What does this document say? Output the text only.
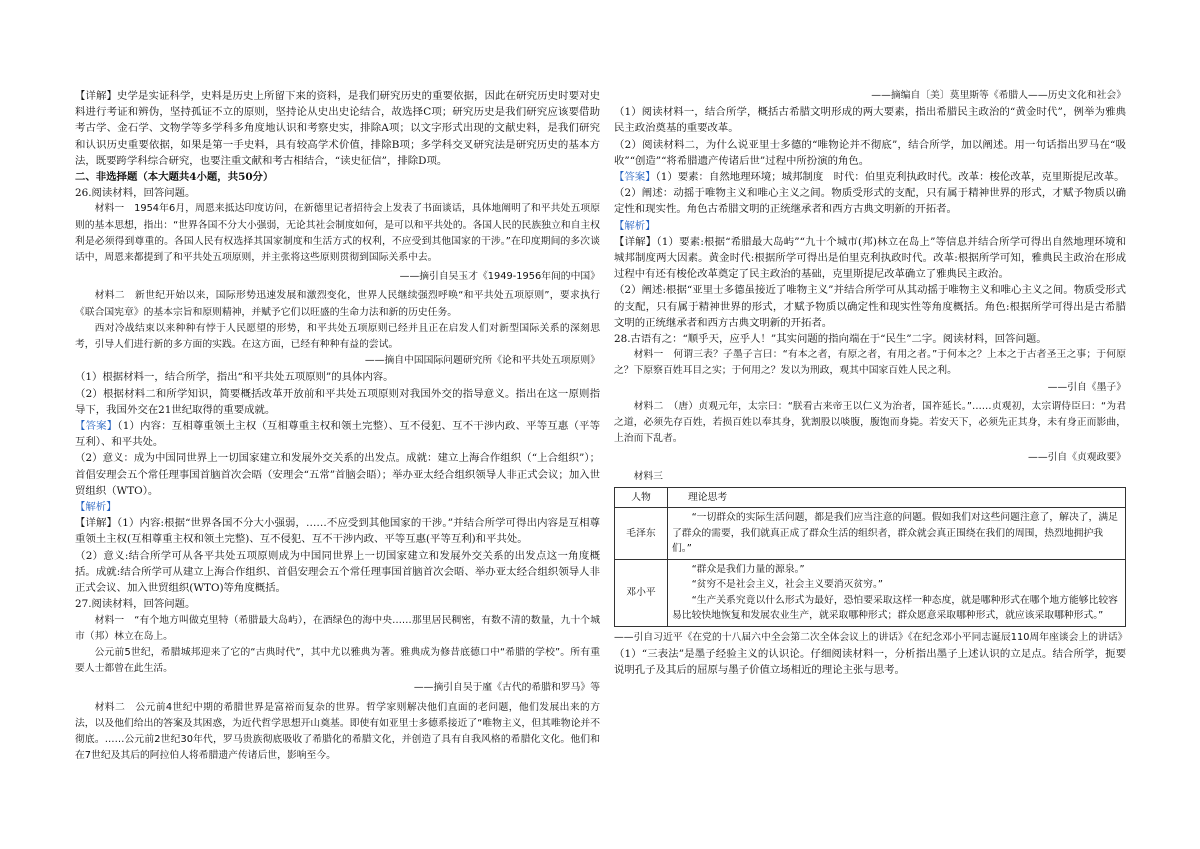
【详解】史学是实证科学，史料是历史上所留下来的资料，是我们研究历史的重要依据，因此在研究历史时要对史料进行考证和辨伪，坚持孤证不立的原则，坚持论从史出史论结合，故选择C项；研究历史是我们研究应该要借助考古学、金石学、文物学等多学科多角度地认识和考察史实，排除A项；以文字形式出现的文献史料，是我们研究和认识历史重要依据，如果是第一手史料，具有较高学术价值，排除B项；多学科交叉研究法是研究历史的基本方法，既要跨学科综合研究，也要注重文献和考古相结合，“读史征信”，排除D项。

二、非选择题（本大题共4小题，共50分）

26.阅读材料，回答问题。

材料一　1954年6月，周恩来抵达印度访问，在新德里记者招待会上发表了书面谈话，具体地阐明了和平共处五项原则的基本思想，指出：“世界各国不分大小强弱，无论其社会制度如何，是可以和平共处的。各国人民的民族独立和自主权利是必须得到尊重的。各国人民有权选择其国家制度和生活方式的权利，不应受到其他国家的干涉。”在印度期间的多次谈话中，周恩来都提到了和平共处五项原则，并主张将这些原则贯彻到国际关系中去。

——摘引自吴玉才《1949-1956年间的中国》

材料二　新世纪开始以来，国际形势迅速发展和激烈变化，世界人民继续强烈呼唤“和平共处五项原则”，要求执行《联合国宪章》的基本宗旨和原则精神，并赋予它们以旺盛的生命力法和新的历史任务。

西对冷战结束以来种种有悖于人民愿望的形势，和平共处五项原则已经并且正在启发人们对新型国际关系的深刻思考，引导人们进行新的多方面的实践。在这方面，已经有种种有益的尝试。

——摘自中国国际问题研究所《论和平共处五项原则》

（1）根据材料一，结合所学，指出“和平共处五项原则”的具体内容。

（2）根据材料二和所学知识，简要概括改革开放前和平共处五项原则对我国外交的指导意义。指出在这一原则指导下，我国外交在21世纪取得的重要成就。

【答案】（1）内容：互相尊重领土主权（互相尊重主权和领土完整）、互不侵犯、互不干涉内政、平等互惠（平等互利）、和平共处。

（2）意义：成为中国同世界上一切国家建立和发展外交关系的出发点。成就：建立上海合作组织（“上合组织”）；首倡安理会五个常任理事国首脑首次会晤（安理会“五常”首脑会晤）；举办亚太经合组织领导人非正式会议；加入世贸组织（WTO）。

【解析】

【详解】（1）内容:根据“世界各国不分大小强弱，……不应受到其他国家的干涉。”并结合所学可得出内容是互相尊重领土主权(互相尊重主权和领土完整)、互不侵犯、互不干涉内政、平等互惠(平等互利)和平共处。

（2）意义:结合所学可从各平共处五项原则成为中国同世界上一切国家建立和发展外交关系的出发点这一角度概括。成就:结合所学可从建立上海合作组织、首倡安理会五个常任理事国首脑首次会晤、举办亚太经合组织领导人非正式会议、加入世贸组织(WTO)等角度概括。

27.阅读材料，回答问题。

材料一　“有个地方叫做克里特（希腊最大岛屿），在酒绿色的海中央……那里居民稠密，有数不清的数量，九十个城市（邦）林立在岛上。

公元前5世纪，希腊城邦迎来了它的“古典时代”，其中尤以雅典为著。雅典成为修昔底德口中“希腊的学校”。所有重要人士都曾在此生活。

——摘引自吴于廑《古代的希腊和罗马》等

材料二　公元前4世纪中期的希腊世界是富裕而复杂的世界。哲学家则解决他们直面的老问题，他们发展出来的方法，以及他们给出的答案及其困惑，为近代哲学思想开山奠基。即使有如亚里士多德系接近了“唯物主义，但其唯物论并不彻底。……公元前2世纪30年代，罗马贵族彻底吸收了希腊化的希腊文化，并创造了具有自我风格的希腊化文化。他们和在7世纪及其后的阿拉伯人将希腊遗产传诸后世，影响至今。

——摘编自〔美〕莫里斯等《希腊人——历史文化和社会》

（1）阅读材料一，结合所学，概括古希腊文明形成的两大要素，指出希腊民主政治的“黄金时代”，例举为雅典民主政治奠基的重要改革。

（2）阅读材料二，为什么说亚里士多德的“唯物论并不彻底”，结合所学，加以阐述。用一句话指出罗马在“吸收”“创造”“将希腊遗产传诸后世”过程中所扮演的角色。

【答案】（1）要素：自然地理环境；城邦制度　时代：伯里克利执政时代。改革：梭伦改革，克里斯提尼改革。

（2）阐述：动摇于唯物主义和唯心主义之间。物质受形式的支配，只有属于精神世界的形式，才赋予物质以确定性和现实性。角色古希腊文明的正统继承者和西方古典文明新的开拓者。

【解析】

【详解】（1）要素:根据“希腊最大岛屿”“九十个城市(邦)林立在岛上”等信息并结合所学可得出自然地理环境和城邦制度两大因素。黄金时代:根据所学可得出是伯里克利执政时代。改革:根据所学可知，雅典民主政治在形成过程中有还有梭伦改革奠定了民主政治的基础，克里斯提尼改革确立了雅典民主政治。

（2）阐述:根据“亚里士多德虽接近了唯物主义”并结合所学可从其动摇于唯物主义和唯心主义之间。物质受形式的支配，只有属于精神世界的形式，才赋予物质以确定性和现实性等角度概括。角色:根据所学可得出是古希腊文明的正统继承者和西方古典文明新的开拓者。

28.古语有之：“顺乎天，应乎人！”其实问题的指向端在于“民生”二字。阅读材料，回答问题。

材料一　何谓三表？子墨子言曰：“有本之者，有原之者，有用之者。”于何本之？上本之于古者圣王之事；于何原之？下原察百姓耳目之实；于何用之？发以为刑政，观其中国家百姓人民之利。

——引自《墨子》

材料二　（唐）贞观元年，太宗曰：“朕看古来帝王以仁义为治者，国祚延长。”……贞观初，太宗谓侍臣曰：“为君之道，必须先存百姓，若损百姓以奉其身，犹割股以啖腹，腹饱而身毙。若安天下，必须先正其身，未有身正而影曲，上治而下乱者。

——引自《贞观政要》

材料三

人物	理论思考
毛泽东	“一切群众的实际生活问题，都是我们应当注意的问题。假如我们对这些问题注意了，解决了，满足了群众的需要，我们就真正成了群众生活的组织者，群众就会真正围绕在我们的周围，热烈地拥护我们。”
邓小平	“群众是我们力量的源泉。”
“贫穷不是社会主义，社会主义要消灭贫穷。”
“生产关系究竟以什么形式为最好，恐怕要采取这样一种态度，就是哪种形式在哪个地方能够比较容易比较快地恢复和发展农业生产，就采取哪种形式；群众愿意采取哪种形式，就应该采取哪种形式。”

——引自习近平《在党的十八届六中全会第二次全体会议上的讲话》《在纪念邓小平同志诞辰110周年座谈会上的讲话》

（1）“三表法”是墨子经验主义的认识论。仔细阅读材料一，分析指出墨子上述认识的立足点。结合所学，扼要说明孔子及其后的屈原与墨子价值立场相近的理论主张与思考。
